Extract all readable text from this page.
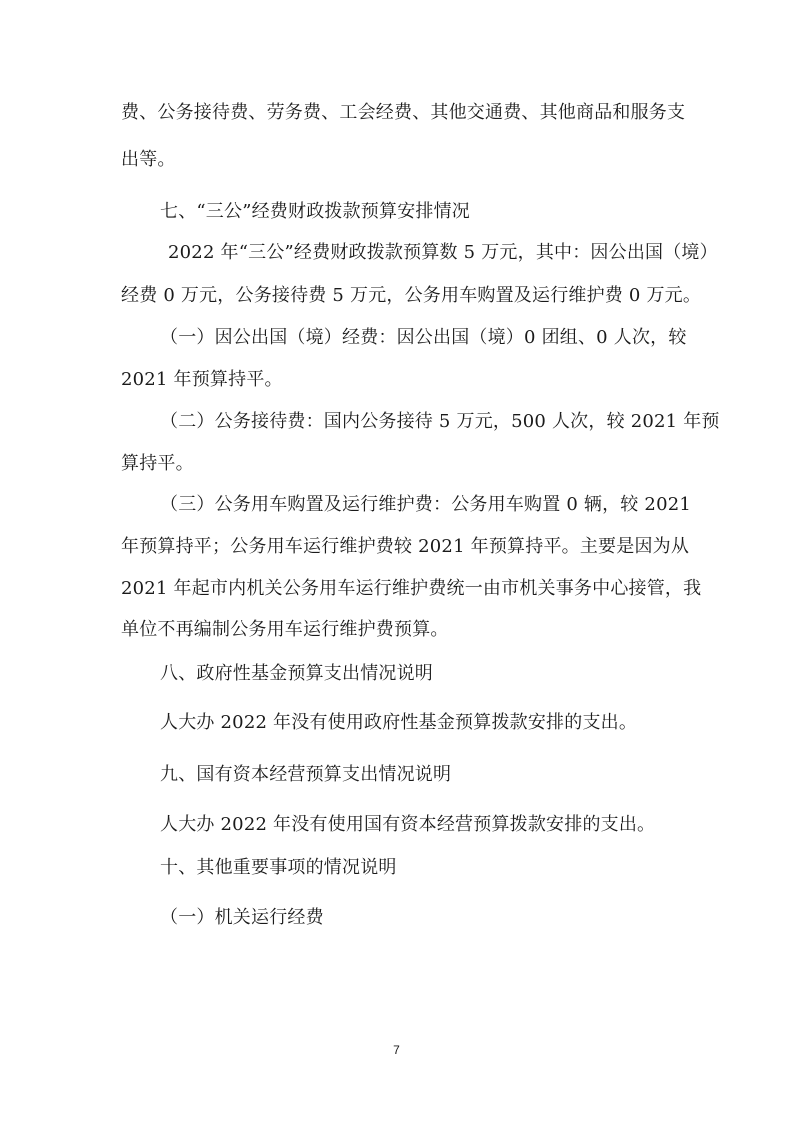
费、公务接待费、劳务费、工会经费、其他交通费、其他商品和服务支
出等。
七、“三公”经费财政拨款预算安排情况
2022 年“三公”经费财政拨款预算数 5 万元，其中：因公出国（境）
经费 0 万元，公务接待费 5 万元，公务用车购置及运行维护费 0 万元。
（一）因公出国（境）经费：因公出国（境）0 团组、0 人次，较
2021 年预算持平。
（二）公务接待费：国内公务接待 5 万元，500 人次，较 2021 年预
算持平。
（三）公务用车购置及运行维护费：公务用车购置 0 辆，较 2021
年预算持平；公务用车运行维护费较 2021 年预算持平。主要是因为从
2021 年起市内机关公务用车运行维护费统一由市机关事务中心接管，我
单位不再编制公务用车运行维护费预算。
八、政府性基金预算支出情况说明
人大办 2022 年没有使用政府性基金预算拨款安排的支出。
九、国有资本经营预算支出情况说明
人大办 2022 年没有使用国有资本经营预算拨款安排的支出。
十、其他重要事项的情况说明
（一）机关运行经费
7
